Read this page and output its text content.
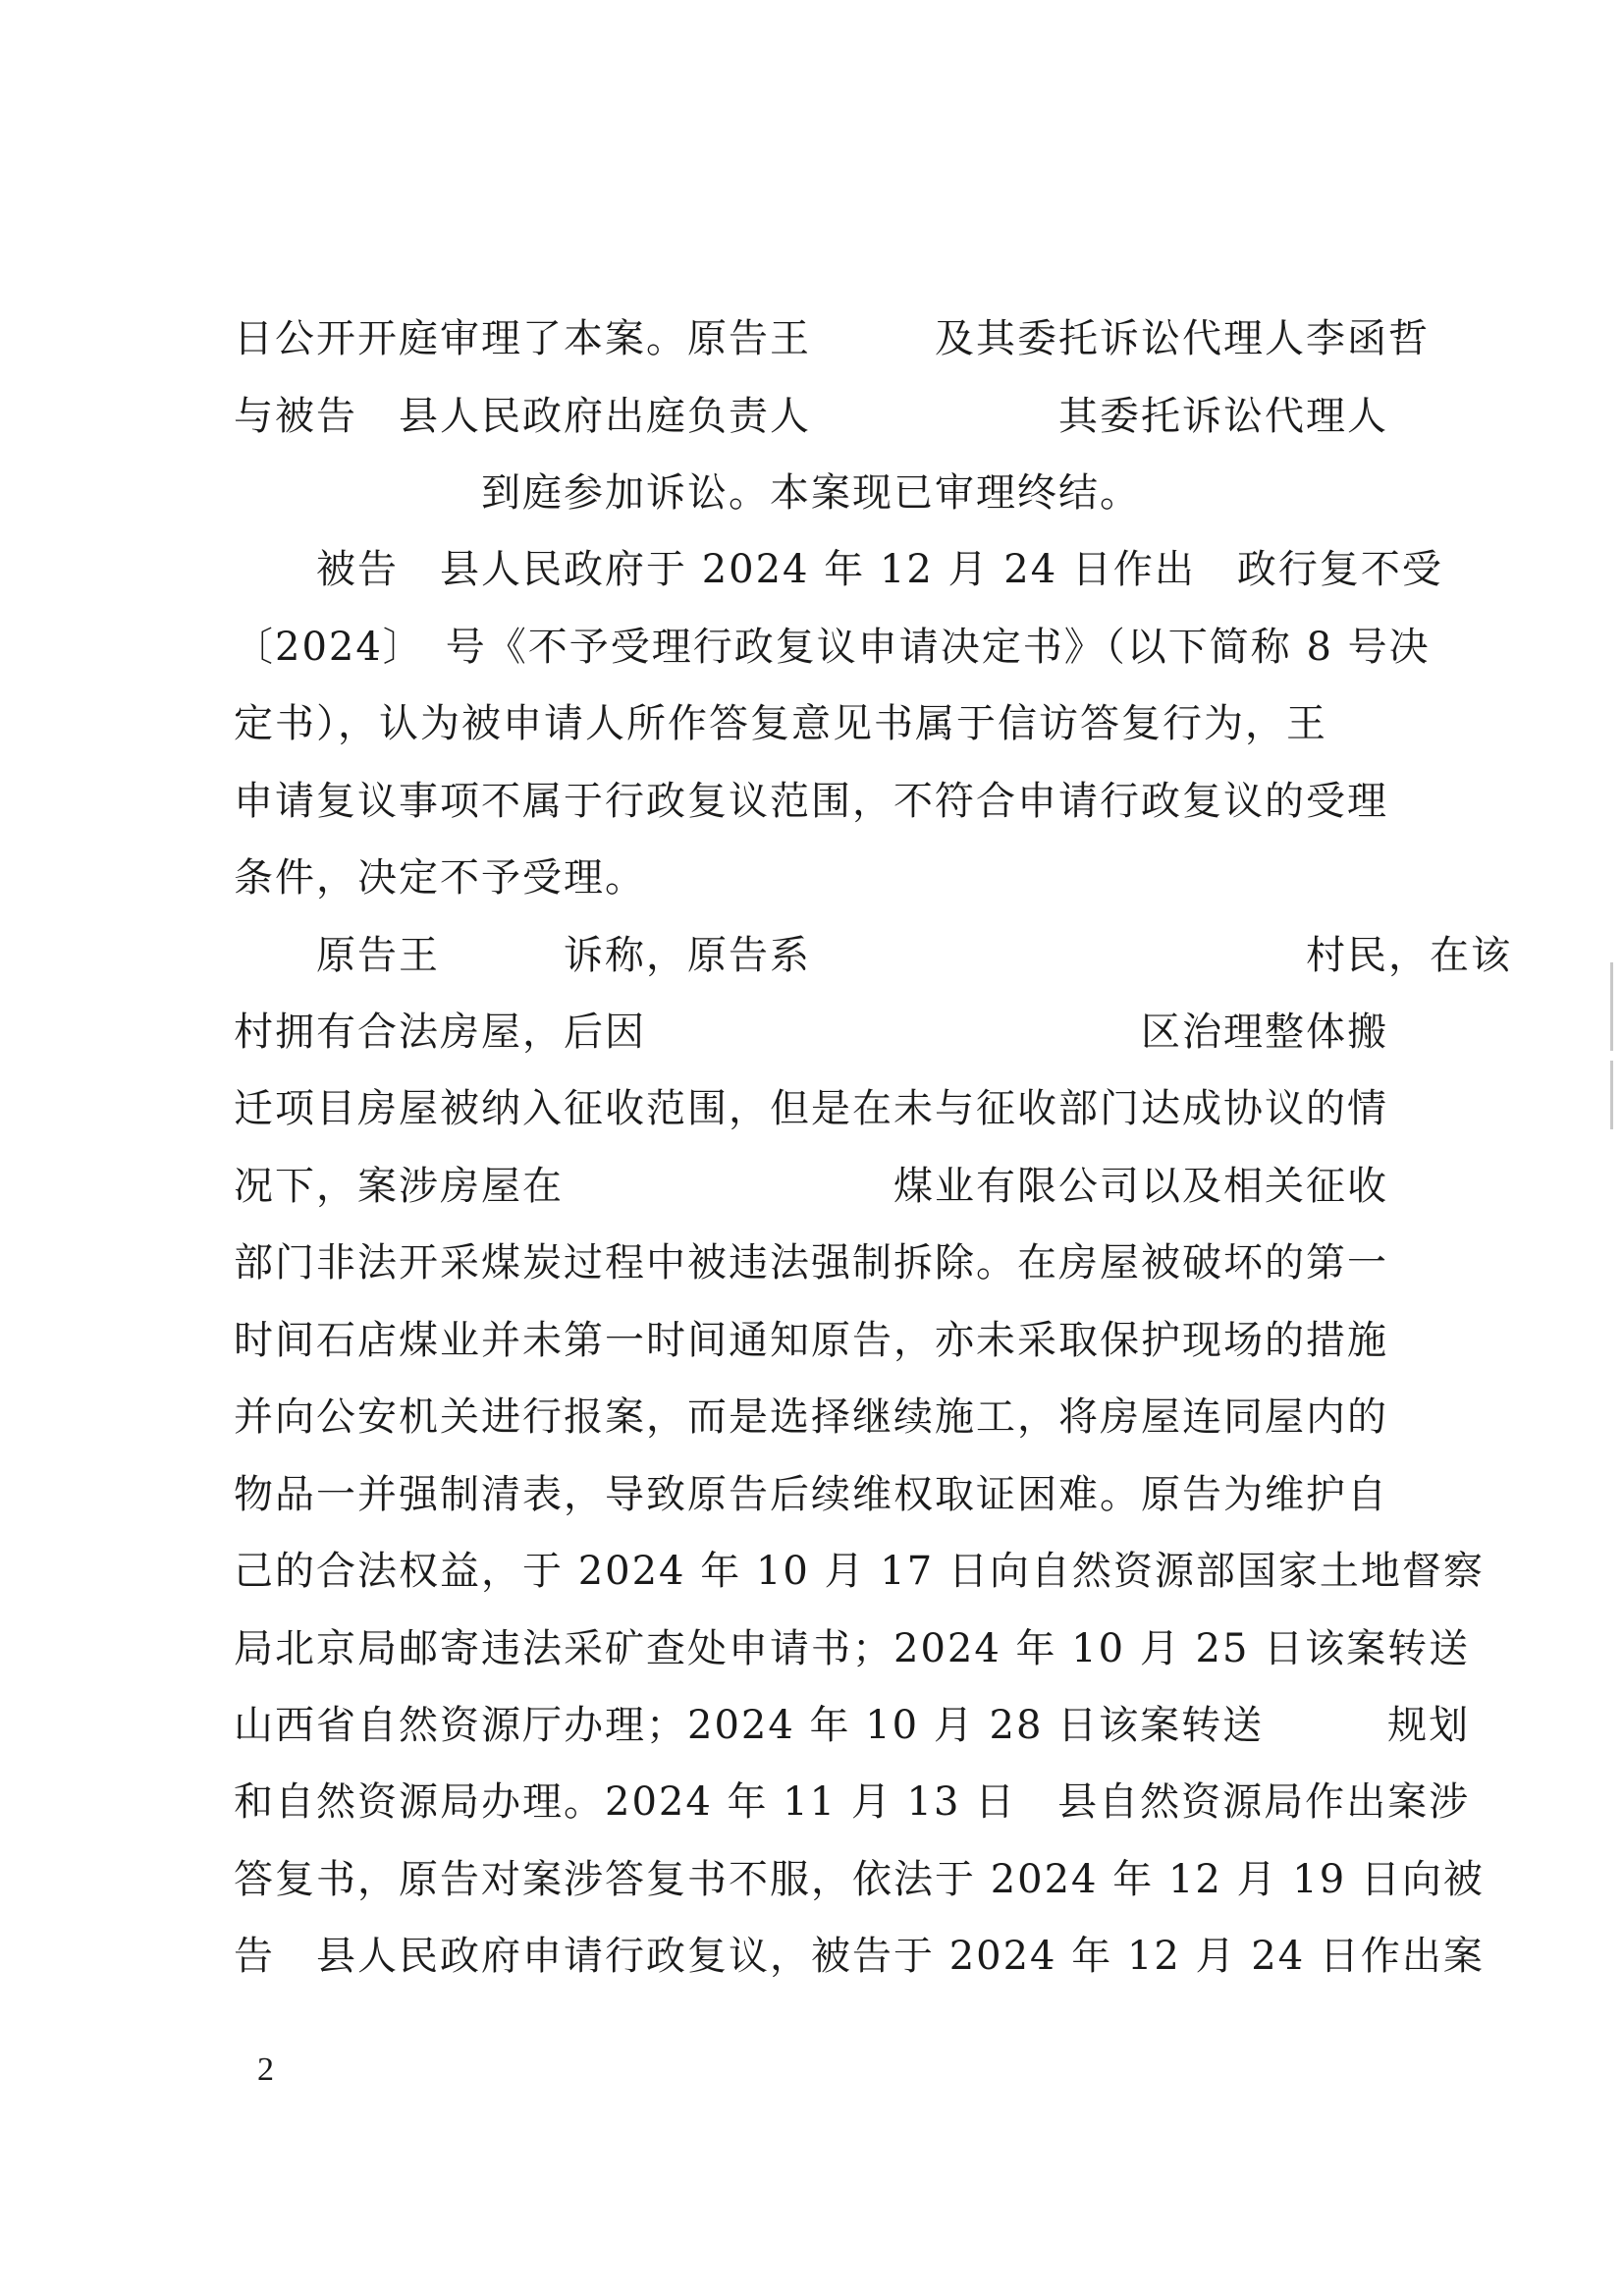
日公开开庭审理了本案。原告王　　　及其委托诉讼代理人李函哲
与被告　县人民政府出庭负责人　　　　　　其委托诉讼代理人
　　　　　　到庭参加诉讼。本案现已审理终结。
　　被告　县人民政府于 2024 年 12 月 24 日作出　政行复不受
〔2024〕　号《不予受理行政复议申请决定书》（以下简称 8 号决
定书），认为被申请人所作答复意见书属于信访答复行为，王
申请复议事项不属于行政复议范围，不符合申请行政复议的受理
条件，决定不予受理。
　　原告王　　　诉称，原告系　　　　　　　　　　　　村民，在该
村拥有合法房屋，后因　　　　　　　　　　　　区治理整体搬
迁项目房屋被纳入征收范围，但是在未与征收部门达成协议的情
况下，案涉房屋在　　　　　　　　煤业有限公司以及相关征收
部门非法开采煤炭过程中被违法强制拆除。在房屋被破坏的第一
时间石店煤业并未第一时间通知原告，亦未采取保护现场的措施
并向公安机关进行报案，而是选择继续施工，将房屋连同屋内的
物品一并强制清表，导致原告后续维权取证困难。原告为维护自
己的合法权益，于 2024 年 10 月 17 日向自然资源部国家土地督察
局北京局邮寄违法采矿查处申请书；2024 年 10 月 25 日该案转送
山西省自然资源厅办理；2024 年 10 月 28 日该案转送　　　规划
和自然资源局办理。2024 年 11 月 13 日　县自然资源局作出案涉
答复书，原告对案涉答复书不服，依法于 2024 年 12 月 19 日向被
告　县人民政府申请行政复议，被告于 2024 年 12 月 24 日作出案
2
